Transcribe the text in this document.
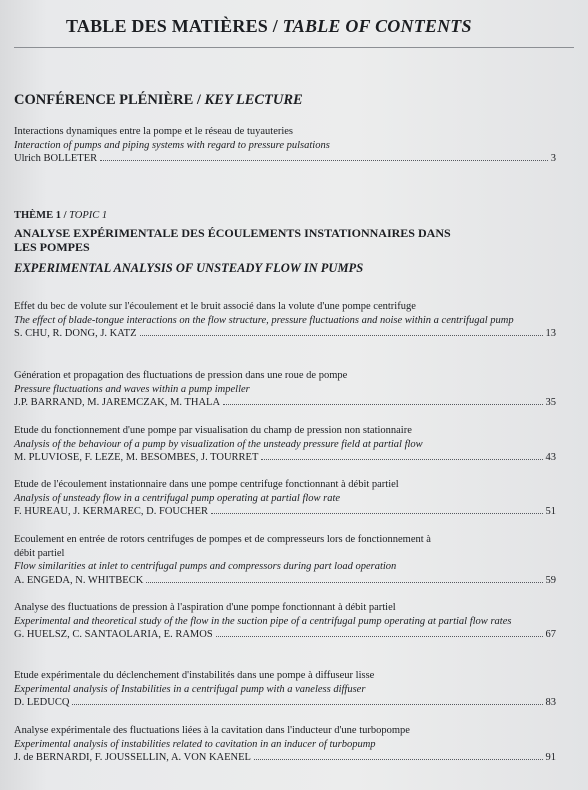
TABLE DES MATIÈRES / TABLE OF CONTENTS
CONFÉRENCE PLÉNIÈRE / KEY LECTURE
Interactions dynamiques entre la pompe et le réseau de tuyauteries
Interaction of pumps and piping systems with regard to pressure pulsations
Ulrich BOLLETER	3
THÈME 1 / TOPIC 1
ANALYSE EXPÉRIMENTALE DES ÉCOULEMENTS INSTATIONNAIRES DANS LES POMPES
EXPERIMENTAL ANALYSIS OF UNSTEADY FLOW IN PUMPS
Effet du bec de volute sur l'écoulement et le bruit associé dans la volute d'une pompe centrifuge
The effect of blade-tongue interactions on the flow structure, pressure fluctuations and noise within a centrifugal pump
S. CHU, R. DONG, J. KATZ	13
Génération et propagation des fluctuations de pression dans une roue de pompe
Pressure fluctuations and waves within a pump impeller
J.P. BARRAND, M. JAREMCZAK, M. THALA	35
Etude du fonctionnement d'une pompe par visualisation du champ de pression non stationnaire
Analysis of the behaviour of a pump by visualization of the unsteady pressure field at partial flow
M. PLUVIOSE, F. LEZE, M. BESOMBES, J. TOURRET	43
Etude de l'écoulement instationnaire dans une pompe centrifuge fonctionnant à débit partiel
Analysis of unsteady flow in a centrifugal pump operating at partial flow rate
F. HUREAU, J. KERMAREC, D. FOUCHER	51
Ecoulement en entrée de rotors centrifuges de pompes et de compresseurs lors de fonctionnement à débit partiel
Flow similarities at inlet to centrifugal pumps and compressors during part load operation
A. ENGEDA, N. WHITBECK	59
Analyse des fluctuations de pression à l'aspiration d'une pompe fonctionnant à débit partiel
Experimental and theoretical study of the flow in the suction pipe of a centrifugal pump operating at partial flow rates
G. HUELSZ, C. SANTAOLARIA, E. RAMOS	67
Etude expérimentale du déclenchement d'instabilités dans une pompe à diffuseur lisse
Experimental analysis of Instabilities in a centrifugal pump with a vaneless diffuser
D. LEDUCQ	83
Analyse expérimentale des fluctuations liées à la cavitation dans l'inducteur d'une turbopompe
Experimental analysis of instabilities related to cavitation in an inducer of turbopump
J. de BERNARDI, F. JOUSSELLIN, A. VON KAENEL	91
